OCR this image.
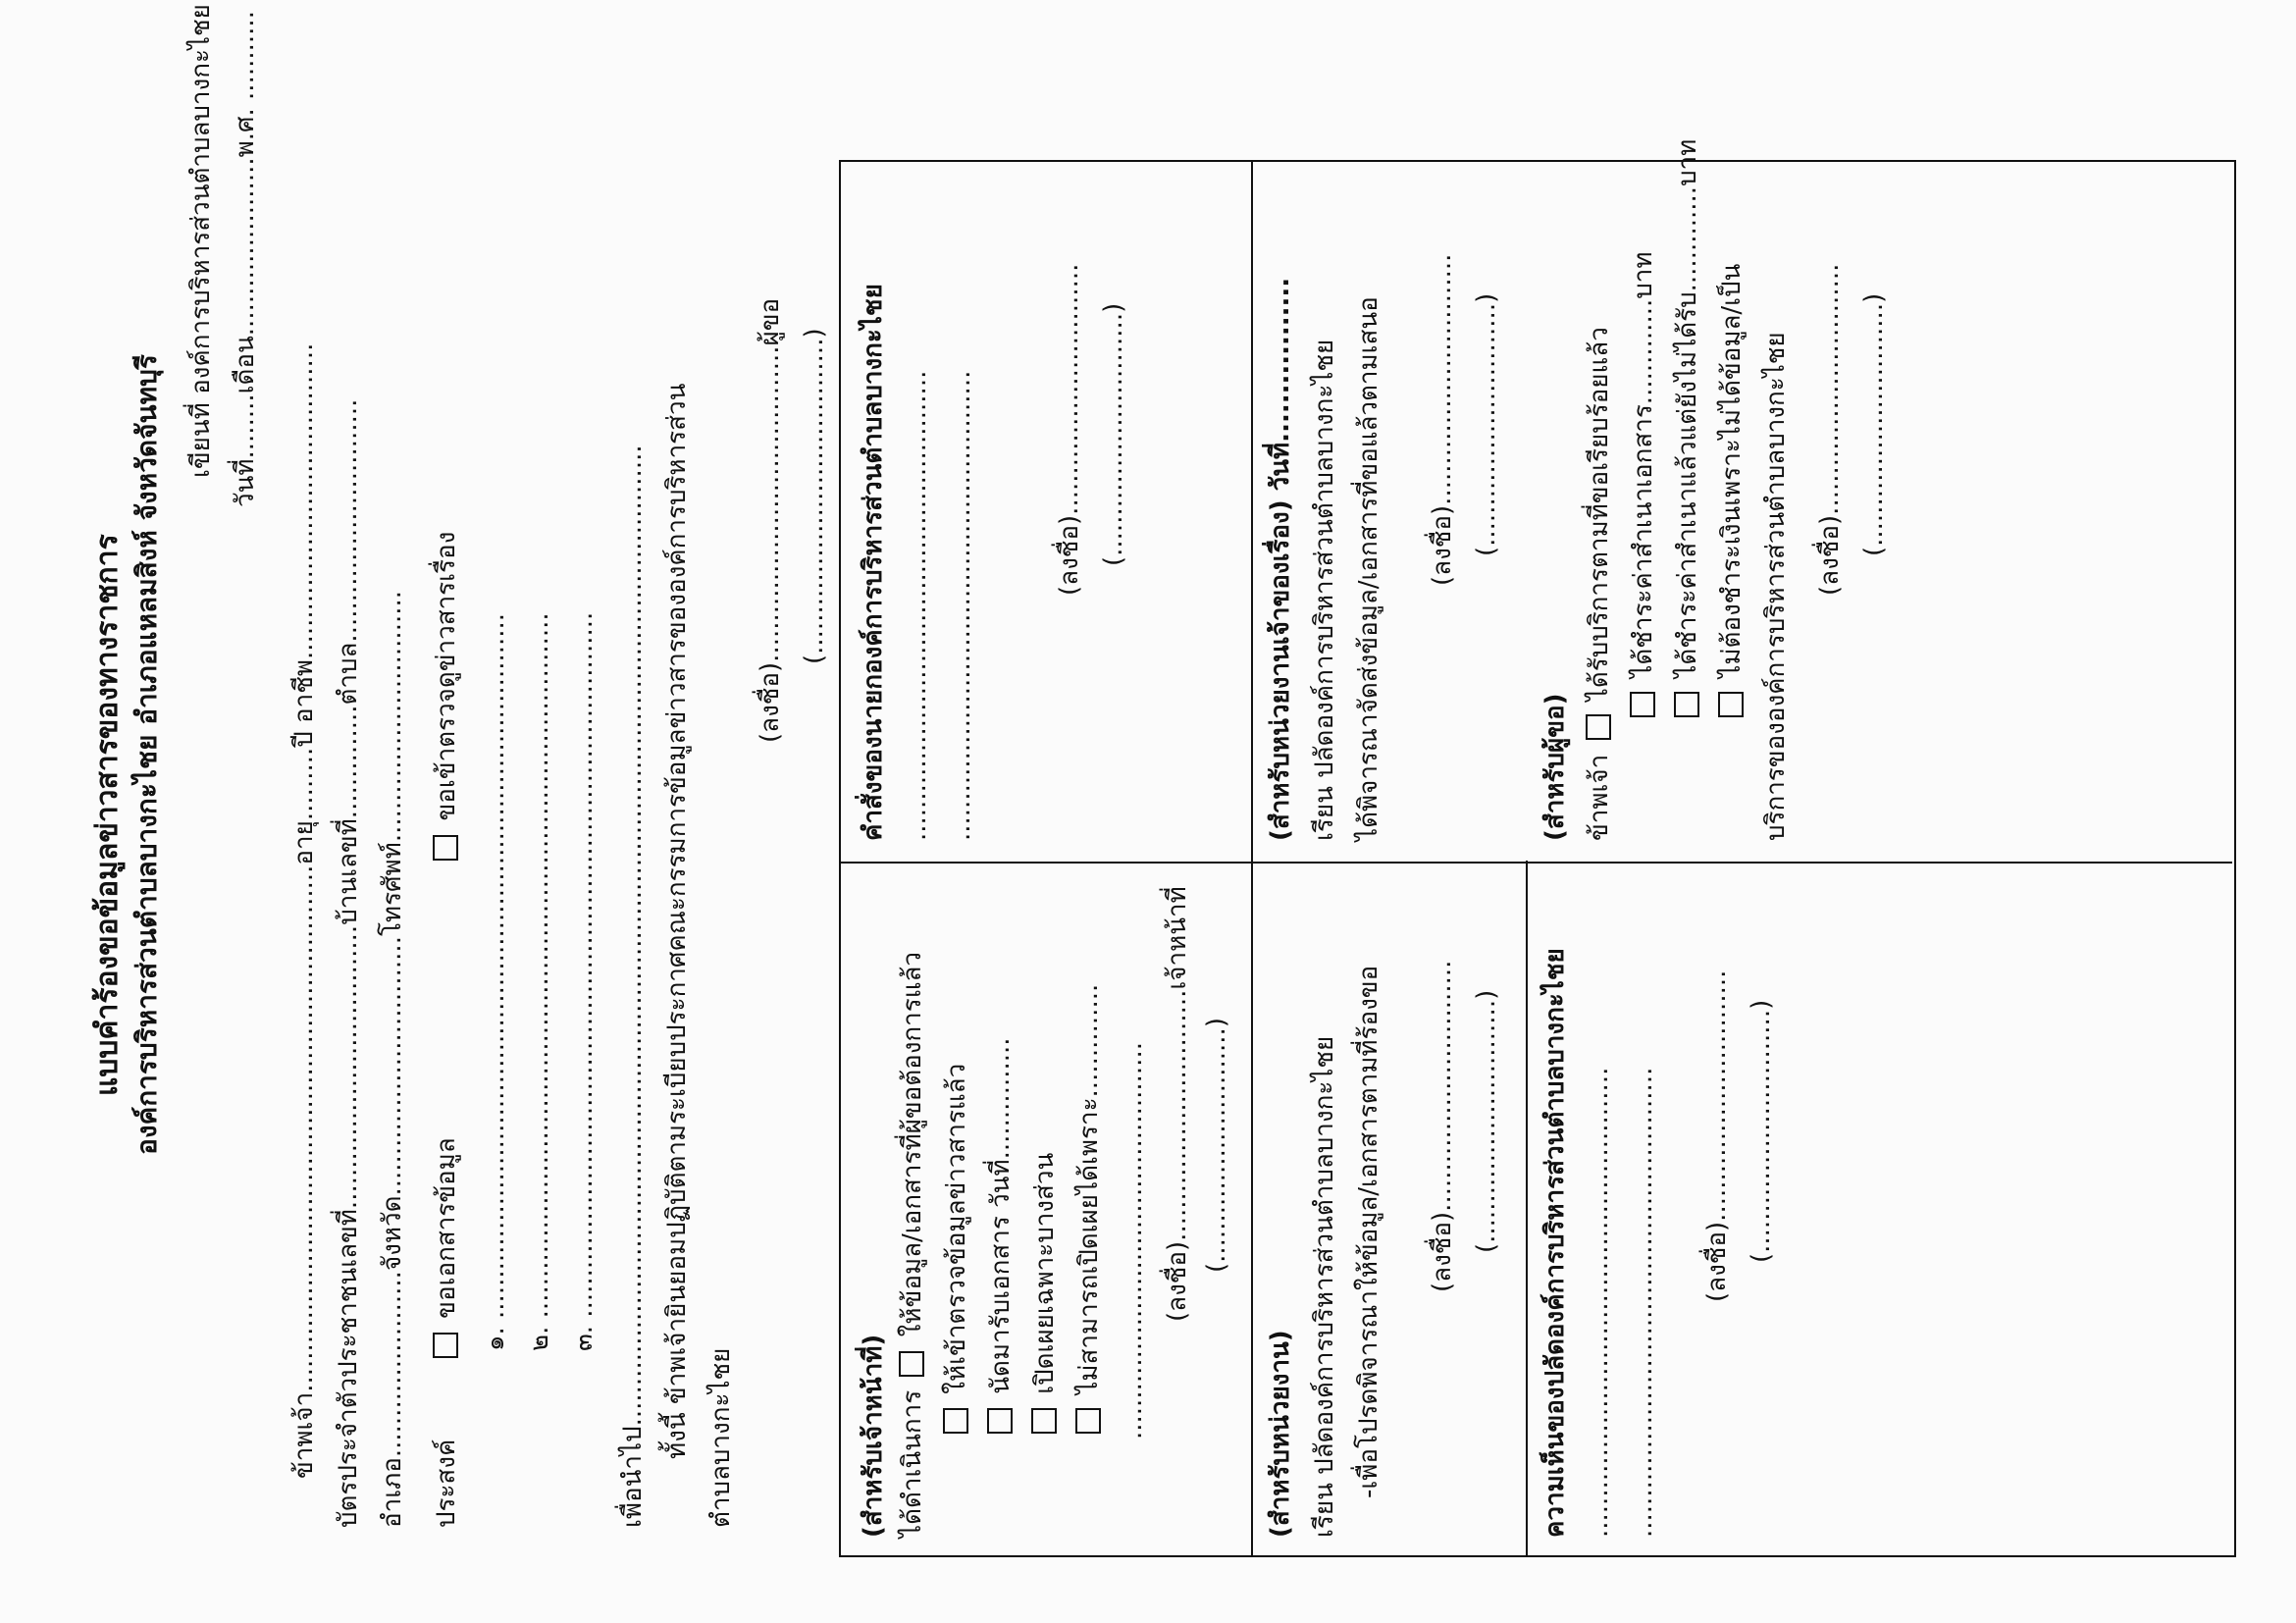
แบบคำร้องขอข้อมูลข่าวสารของทางราชการ องค์การบริหารส่วนตำบลบางกะไชย อำเภอแหลมสิงห์ จังหวัดจันทบุรี
เขียนที่ องค์การบริหารส่วนตำบลบางกะไชย วันที่........เดือน......................พ.ศ. ...........
ข้าพเจ้า.................................................................อายุ.........ปี อาชีพ....................................... บัตรประจำตัวประชาชนเลขที่...................................บ้านเลขที่..............ตำบล.............................. อำเภอ.......................จังหวัด................................โทรศัพท์............................... ประสงค์   ขอเอกสารข้อมูล   ขอเข้าตรวจดูข่าวสารเรื่อง ๑. ....................................................................................... ๒. ....................................................................................... ๓. ....................................................................................... เพื่อนำไป......................................................................................................................... ทั้งนี้ ข้าพเจ้ายินยอมปฏิบัติตามระเบียบประกาศคณะกรรมการข้อมูลข่าวสารขององค์การบริหารส่วน ตำบลบางกะไชย
(ลงชื่อ).......................................ผู้ขอ (.......................................)
(สำหรับเจ้าหน้าที่) ได้ดำเนินการ  ให้ข้อมูล/เอกสารที่ผู้ขอต้องการแล้ว ให้เข้าตรวจข้อมูลข่าวสารแล้ว นัดมารับเอกสาร วันที่............... เปิดเผยเฉพาะบางส่วน ไม่สามารถเปิดเผยได้เพราะ.............. ................................................. (ลงชื่อ)...............................เจ้าหน้าที่ (.............................)
คำสั่งของนายกองค์การบริหารส่วนตำบลบางกะไชย .......................................................... ..........................................................	(ลงชื่อ)............................... (..............................)
(สำหรับหน่วยงาน) เรียน ปลัดองค์การบริหารส่วนตำบลบางกะไชย -เพื่อโปรดพิจารณาให้ข้อมูล/เอกสารตามที่ร้องขอ (ลงชื่อ)............................... (..............................)
(สำหรับหน่วยงานเจ้าของเรื่อง) วันที่................. เรียน ปลัดองค์การบริหารส่วนตำบลบางกะไชย ได้พิจารณาจัดส่งข้อมูล/เอกสารที่ขอแล้วตามเสนอ (ลงชื่อ)............................... (..............................)
ความเห็นของปลัดองค์การบริหารส่วนตำบลบางกะไชย .......................................................... .......................................................... (ลงชื่อ)............................... (..............................)
(สำหรับผู้ขอ) ข้าพเจ้า  ได้รับบริการตามที่ขอเรียบร้อยแล้ว ได้ชำระค่าสำเนาเอกสาร.............บาท ได้ชำระค่าสำเนาแล้วแต่ยังไม่ได้รับ.............บาท ไม่ต้องชำระเงินเพราะไม่ได้ข้อมูล/เป็น บริการขององค์การบริหารส่วนตำบลบางกะไชย (ลงชื่อ)............................... (..............................)
